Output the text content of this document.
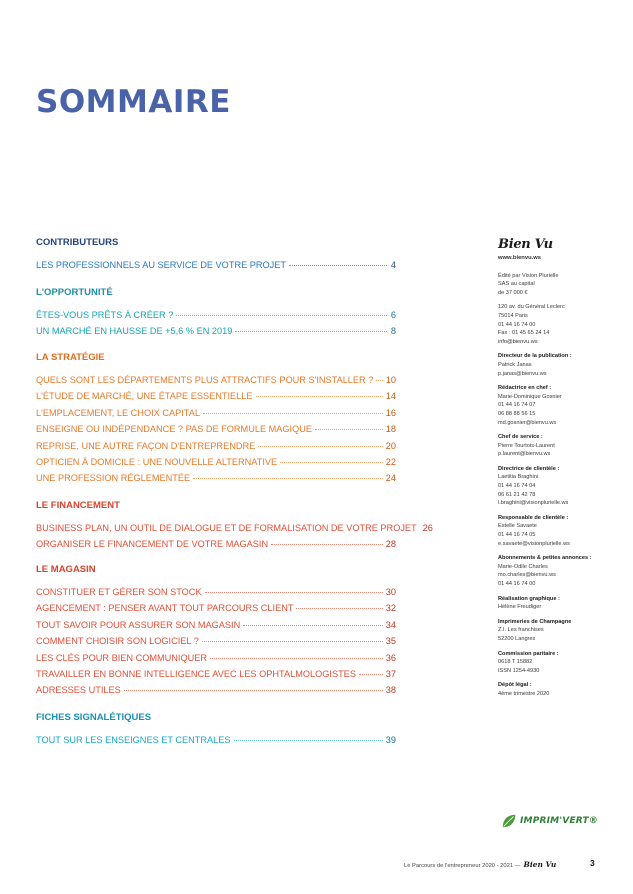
SOMMAIRE
CONTRIBUTEURS
LES PROFESSIONNELS AU SERVICE DE VOTRE PROJET	4
L'OPPORTUNITÉ
ÊTES-VOUS PRÊTS À CRÉER ?	6
UN MARCHÉ EN HAUSSE DE +5,6 % EN 2019	8
LA STRATÉGIE
QUELS SONT LES DÉPARTEMENTS PLUS ATTRACTIFS POUR S'INSTALLER ? 10
L'ÉTUDE DE MARCHÉ, UNE ÉTAPE ESSENTIELLE	14
L'EMPLACEMENT, LE CHOIX CAPITAL	16
ENSEIGNE OU INDÉPENDANCE ? PAS DE FORMULE MAGIQUE	18
REPRISE, UNE AUTRE FAÇON D'ENTREPRENDRE	20
OPTICIEN À DOMICILE : UNE NOUVELLE ALTERNATIVE	22
UNE PROFESSION RÉGLEMENTÉE	24
LE FINANCEMENT
BUSINESS PLAN, UN OUTIL DE DIALOGUE ET DE FORMALISATION DE VOTRE PROJET 26
ORGANISER LE FINANCEMENT DE VOTRE MAGASIN	28
LE MAGASIN
CONSTITUER ET GÉRER SON STOCK	30
AGENCEMENT : PENSER AVANT TOUT PARCOURS CLIENT	32
TOUT SAVOIR POUR ASSURER SON MAGASIN	34
COMMENT CHOISIR SON LOGICIEL ?	35
LES CLÉS POUR BIEN COMMUNIQUER	36
TRAVAILLER EN BONNE INTELLIGENCE AVEC LES OPHTALMOLOGISTES	37
ADRESSES UTILES	38
FICHES SIGNALÉTIQUES
TOUT SUR LES ENSEIGNES ET CENTRALES	39
Bien Vu
www.bienvu.ws
Édité par Vision Plurielle
SAS au capital
de 37 000 €
120 av. du Général Leclerc
75014 Paris
01 44 16 74 00
Fax : 01 45 65 24 14
info@bienvu.ws
Directeur de la publication :
Patrick Janas
p.janas@bienvu.ws
Rédactrice en chef :
Marie-Dominique Gosnier
01 44 16 74 07
06 88 88 56 15
md.gosnier@bienvu.ws
Chef de service :
Pierre Tourtois-Laurent
p.laurent@bienvu.ws
Directrice de clientèle :
Laetitia Braghini
01 44 16 74 04
06 61 21 42 78
l.braghini@visionplurielle.ws
Responsable de clientèle :
Estelle Savaete
01 44 16 74 05
e.savaete@visionplurielle.ws
Abonnements & petites annonces :
Marie-Odile Charles
mo.charles@bienvu.ws
01 44 16 74 00
Réalisation graphique :
Hélène Freudiger
Imprimeries de Champagne
Z.I. Les franchises
52200 Langres
Commission paritaire :
0618 T 15882
ISSN 1254-4930
Dépôt légal :
4ème trimestre 2020
IMPRIM'VERT®
Le Parcours de l'entrepreneur 2020 - 2021 — Bien Vu	3
